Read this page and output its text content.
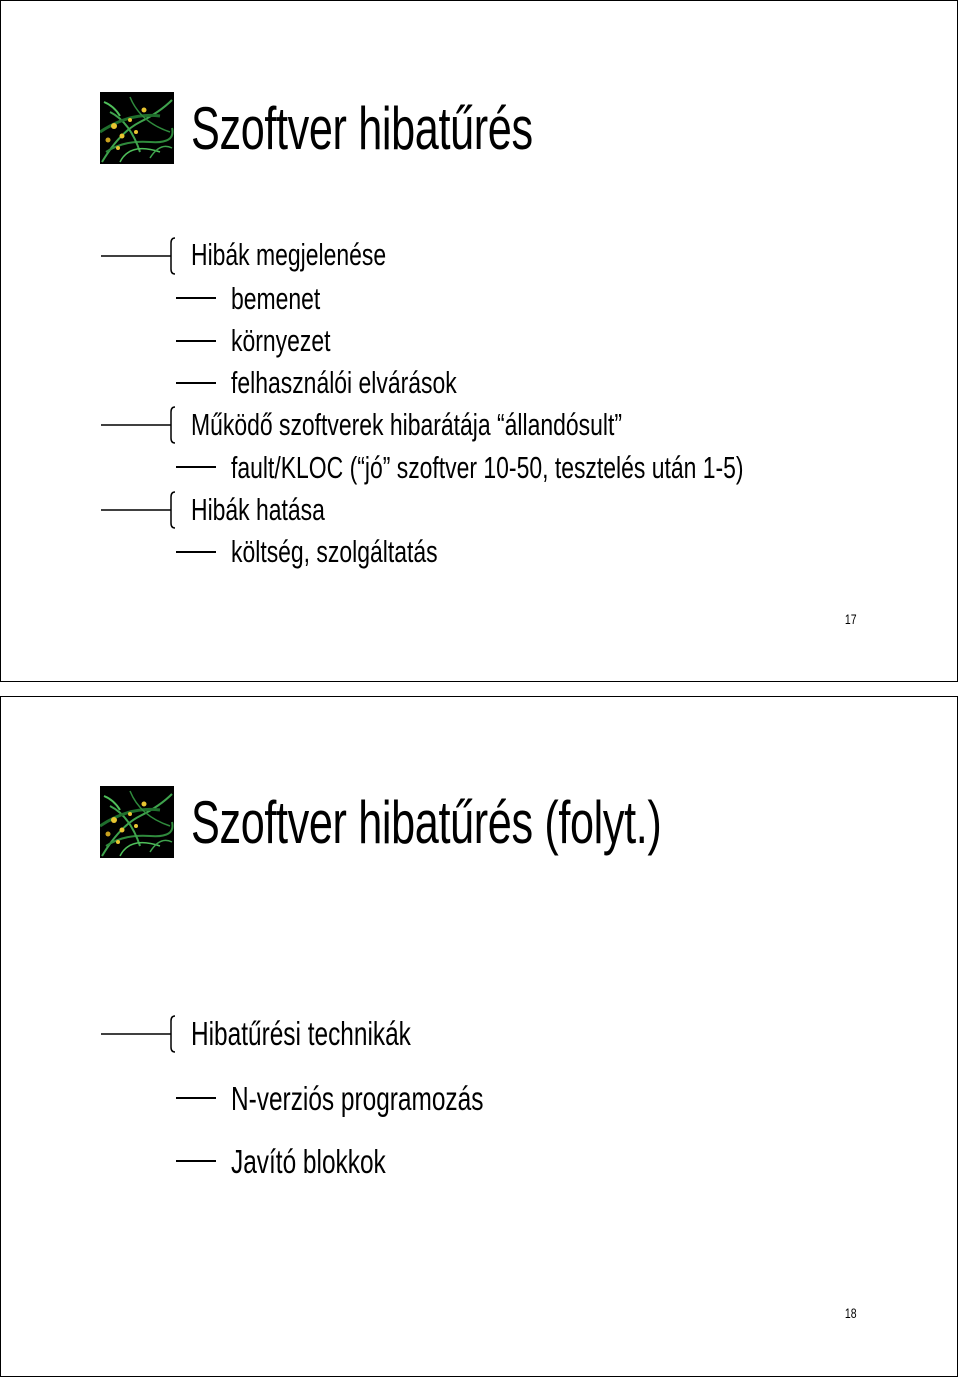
Szoftver hibatűrés
Hibák megjelenése
bemenet
környezet
felhasználói elvárások
Működő szoftverek hibarátája “állandósult”
fault/KLOC (“jó” szoftver 10-50, tesztelés után 1-5)
Hibák hatása
költség, szolgáltatás
17
Szoftver hibatűrés (folyt.)
Hibatűrési technikák
N-verziós programozás
Javító blokkok
18
